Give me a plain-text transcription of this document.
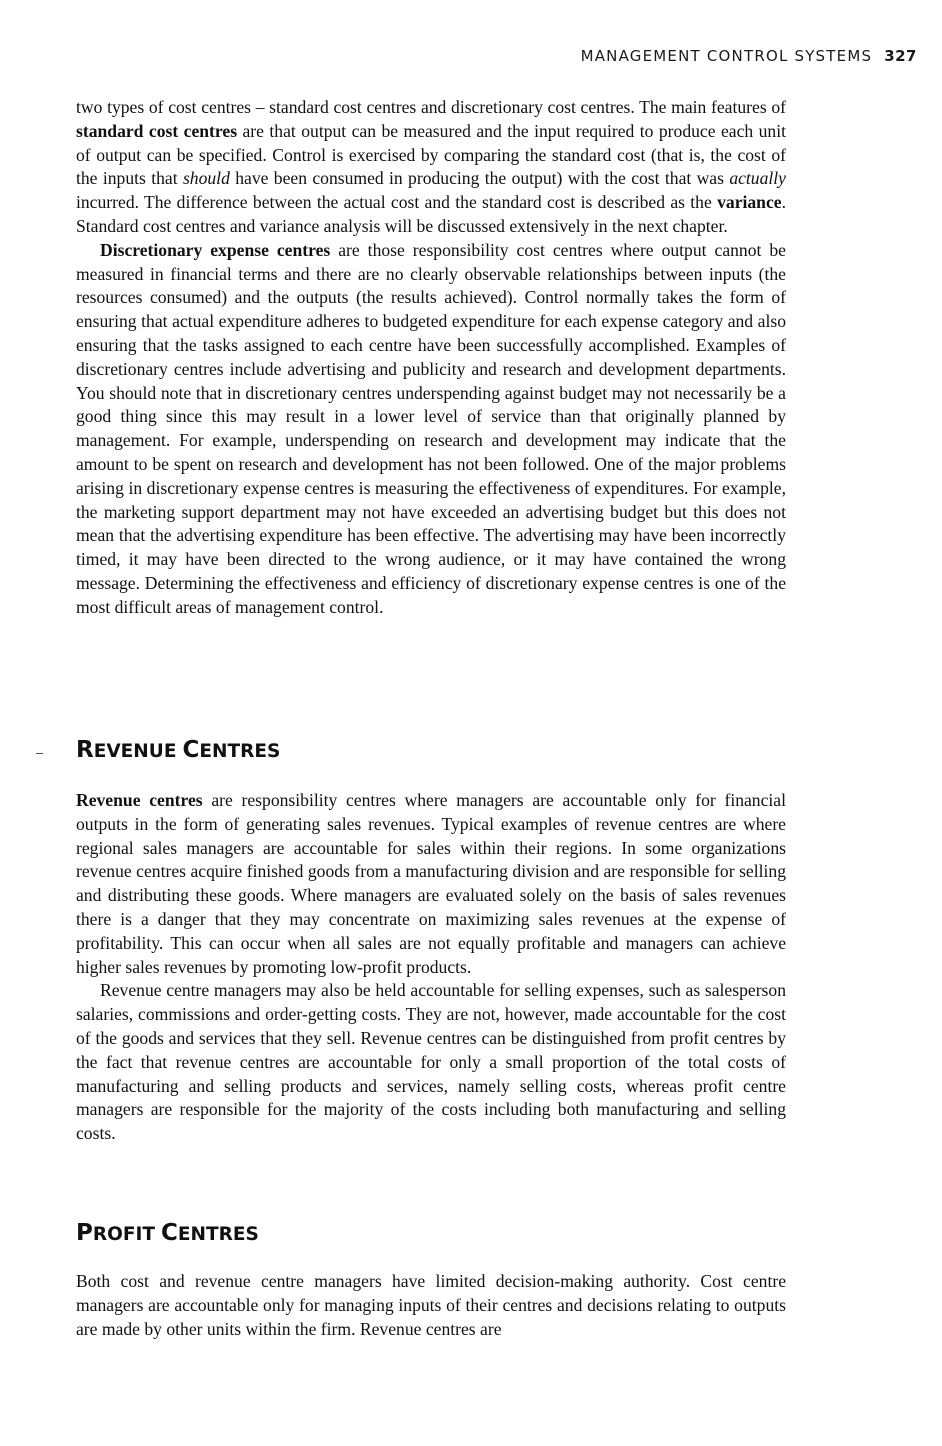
MANAGEMENT CONTROL SYSTEMS 327

two types of cost centres – standard cost centres and discretionary cost centres. The main features of standard cost centres are that output can be measured and the input required to produce each unit of output can be specified. Control is exercised by comparing the standard cost (that is, the cost of the inputs that should have been consumed in producing the output) with the cost that was actually incurred. The difference between the actual cost and the standard cost is described as the variance. Standard cost centres and variance analysis will be discussed extensively in the next chapter.

Discretionary expense centres are those responsibility cost centres where output cannot be measured in financial terms and there are no clearly observable relationships between inputs (the resources consumed) and the outputs (the results achieved). Control normally takes the form of ensuring that actual expenditure adheres to budgeted expenditure for each expense category and also ensuring that the tasks assigned to each centre have been successfully accomplished. Examples of discretionary centres include advertising and publicity and research and development departments. You should note that in discretionary centres underspending against budget may not necessarily be a good thing since this may result in a lower level of service than that originally planned by management. For example, underspending on research and development may indicate that the amount to be spent on research and development has not been followed. One of the major problems arising in discretionary expense centres is measuring the effectiveness of expenditures. For example, the marketing support department may not have exceeded an advertising budget but this does not mean that the advertising expenditure has been effective. The advertising may have been incorrectly timed, it may have been directed to the wrong audience, or it may have contained the wrong message. Determining the effectiveness and efficiency of discretionary expense centres is one of the most difficult areas of management control.

REVENUE CENTRES

Revenue centres are responsibility centres where managers are accountable only for financial outputs in the form of generating sales revenues. Typical examples of revenue centres are where regional sales managers are accountable for sales within their regions. In some organizations revenue centres acquire finished goods from a manufacturing division and are responsible for selling and distributing these goods. Where managers are evaluated solely on the basis of sales revenues there is a danger that they may concentrate on maximizing sales revenues at the expense of profitability. This can occur when all sales are not equally profitable and managers can achieve higher sales revenues by promoting low-profit products.

Revenue centre managers may also be held accountable for selling expenses, such as salesperson salaries, commissions and order-getting costs. They are not, however, made accountable for the cost of the goods and services that they sell. Revenue centres can be distinguished from profit centres by the fact that revenue centres are accountable for only a small proportion of the total costs of manufacturing and selling products and services, namely selling costs, whereas profit centre managers are responsible for the majority of the costs including both manufacturing and selling costs.

PROFIT CENTRES

Both cost and revenue centre managers have limited decision-making authority. Cost centre managers are accountable only for managing inputs of their centres and decisions relating to outputs are made by other units within the firm. Revenue centres are
